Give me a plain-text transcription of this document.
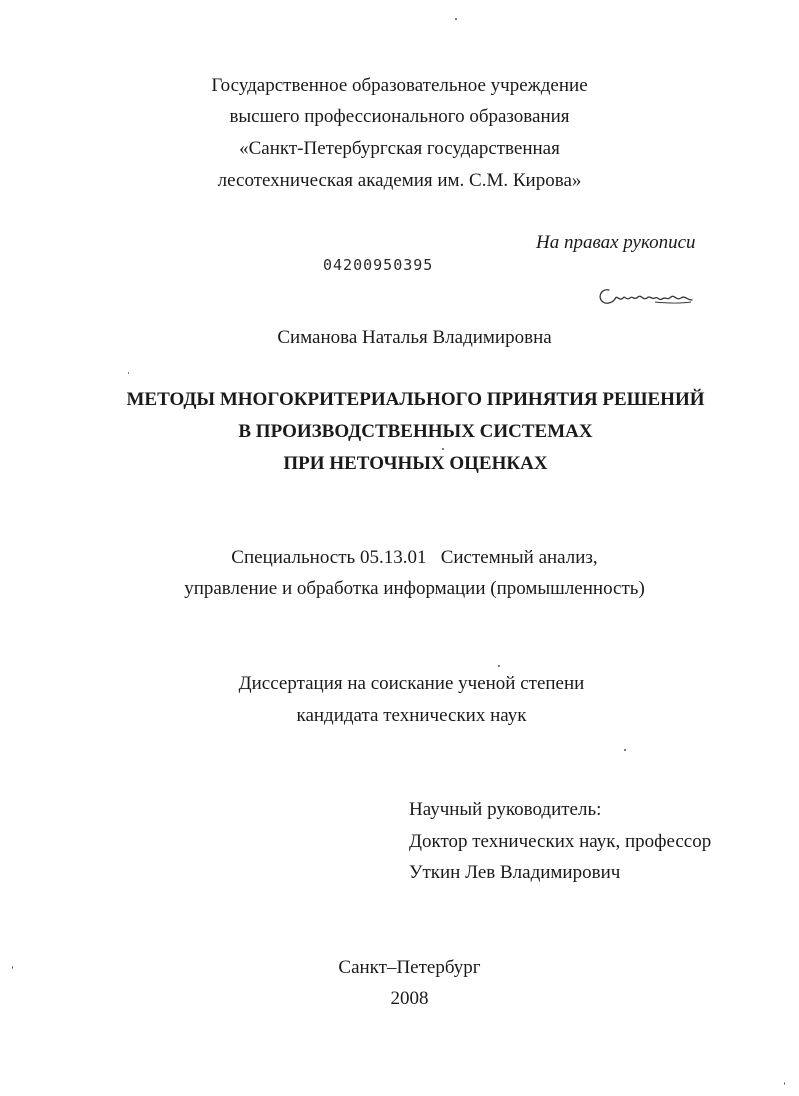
Государственное образовательное учреждение
высшего профессионального образования
«Санкт-Петербургская государственная
лесотехническая академия им. С.М. Кирова»
На правах рукописи
04200950395
Симанова Наталья Владимировна
МЕТОДЫ МНОГОКРИТЕРИАЛЬНОГО ПРИНЯТИЯ РЕШЕНИЙ
В ПРОИЗВОДСТВЕННЫХ СИСТЕМАХ
ПРИ НЕТОЧНЫХ ОЦЕНКАХ
Специальность 05.13.01   Системный анализ,
управление и обработка информации (промышленность)
Диссертация на соискание ученой степени
кандидата технических наук
Научный руководитель:
Доктор технических наук, профессор
Уткин Лев Владимирович
Санкт–Петербург
2008
